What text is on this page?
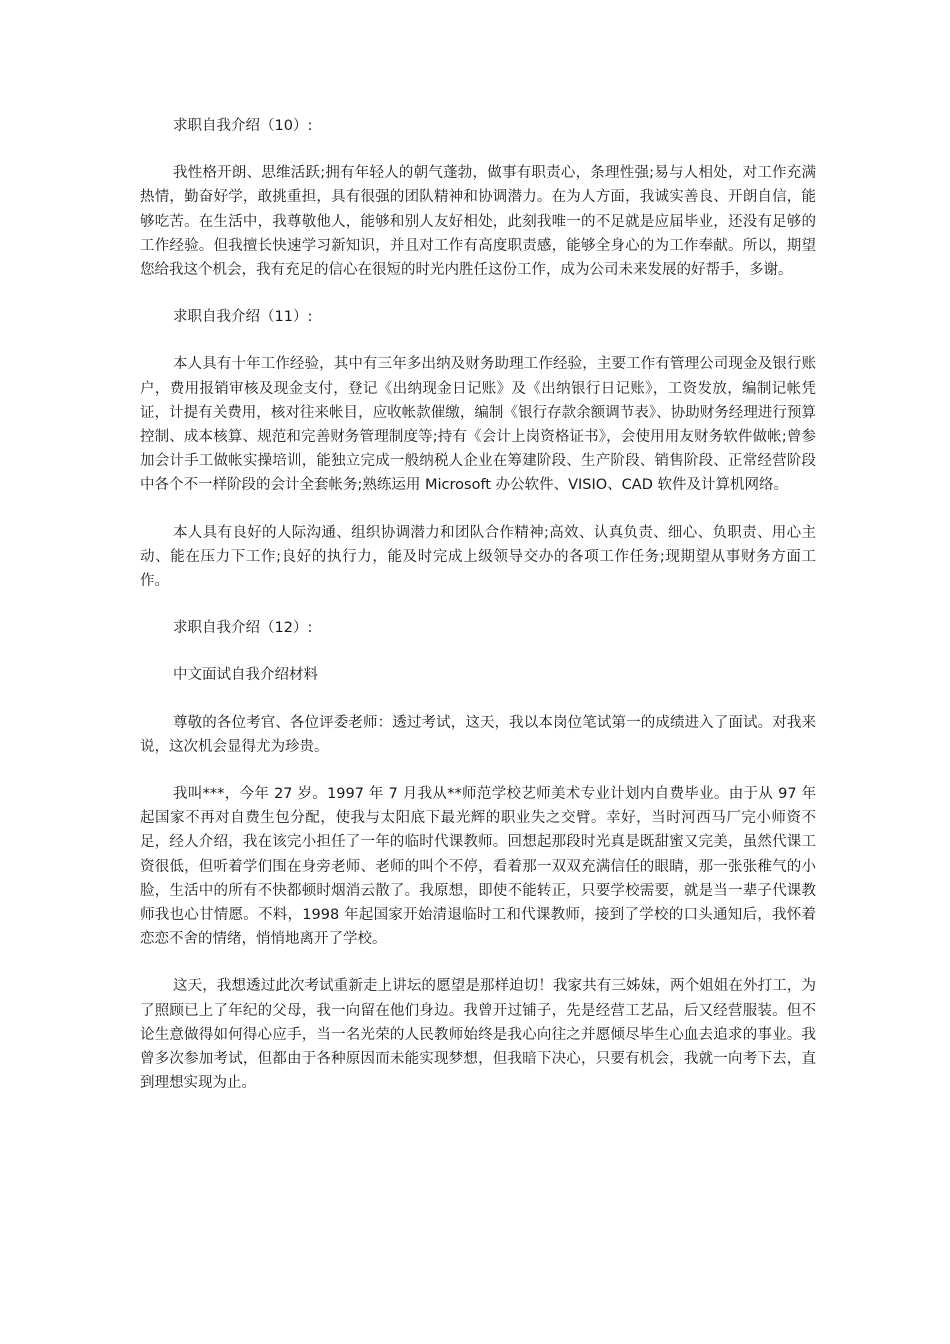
求职自我介绍（10）:

我性格开朗、思维活跃;拥有年轻人的朝气蓬勃，做事有职责心，条理性强;易与人相处，对工作充满热情，勤奋好学，敢挑重担，具有很强的团队精神和协调潜力。在为人方面，我诚实善良、开朗自信，能够吃苦。在生活中，我尊敬他人，能够和别人友好相处，此刻我唯一的不足就是应届毕业，还没有足够的工作经验。但我擅长快速学习新知识，并且对工作有高度职责感，能够全身心的为工作奉献。所以，期望您给我这个机会，我有充足的信心在很短的时光内胜任这份工作，成为公司未来发展的好帮手，多谢。

求职自我介绍（11）:

本人具有十年工作经验，其中有三年多出纳及财务助理工作经验，主要工作有管理公司现金及银行账户，费用报销审核及现金支付，登记《出纳现金日记账》及《出纳银行日记账》，工资发放，编制记帐凭证，计提有关费用，核对往来帐目，应收帐款催缴，编制《银行存款余额调节表》、协助财务经理进行预算控制、成本核算、规范和完善财务管理制度等;持有《会计上岗资格证书》，会使用用友财务软件做帐;曾参加会计手工做帐实操培训，能独立完成一般纳税人企业在筹建阶段、生产阶段、销售阶段、正常经营阶段中各个不一样阶段的会计全套帐务;熟练运用 Microsoft 办公软件、VISIO、CAD 软件及计算机网络。

本人具有良好的人际沟通、组织协调潜力和团队合作精神;高效、认真负责、细心、负职责、用心主动、能在压力下工作;良好的执行力，能及时完成上级领导交办的各项工作任务;现期望从事财务方面工作。

求职自我介绍（12）:

中文面试自我介绍材料

尊敬的各位考官、各位评委老师：透过考试，这天，我以本岗位笔试第一的成绩进入了面试。对我来说，这次机会显得尤为珍贵。

我叫***，今年 27 岁。1997 年 7 月我从**师范学校艺师美术专业计划内自费毕业。由于从 97 年起国家不再对自费生包分配，使我与太阳底下最光辉的职业失之交臂。幸好，当时河西马厂完小师资不足，经人介绍，我在该完小担任了一年的临时代课教师。回想起那段时光真是既甜蜜又完美，虽然代课工资很低，但听着学们围在身旁老师、老师的叫个不停，看着那一双双充满信任的眼睛，那一张张稚气的小脸，生活中的所有不快都顿时烟消云散了。我原想，即使不能转正，只要学校需要，就是当一辈子代课教师我也心甘情愿。不料，1998 年起国家开始清退临时工和代课教师，接到了学校的口头通知后，我怀着恋恋不舍的情绪，悄悄地离开了学校。

这天，我想透过此次考试重新走上讲坛的愿望是那样迫切！我家共有三姊妹，两个姐姐在外打工，为了照顾已上了年纪的父母，我一向留在他们身边。我曾开过铺子，先是经营工艺品，后又经营服装。但不论生意做得如何得心应手，当一名光荣的人民教师始终是我心向往之并愿倾尽毕生心血去追求的事业。我曾多次参加考试，但都由于各种原因而未能实现梦想，但我暗下决心，只要有机会，我就一向考下去，直到理想实现为止。
